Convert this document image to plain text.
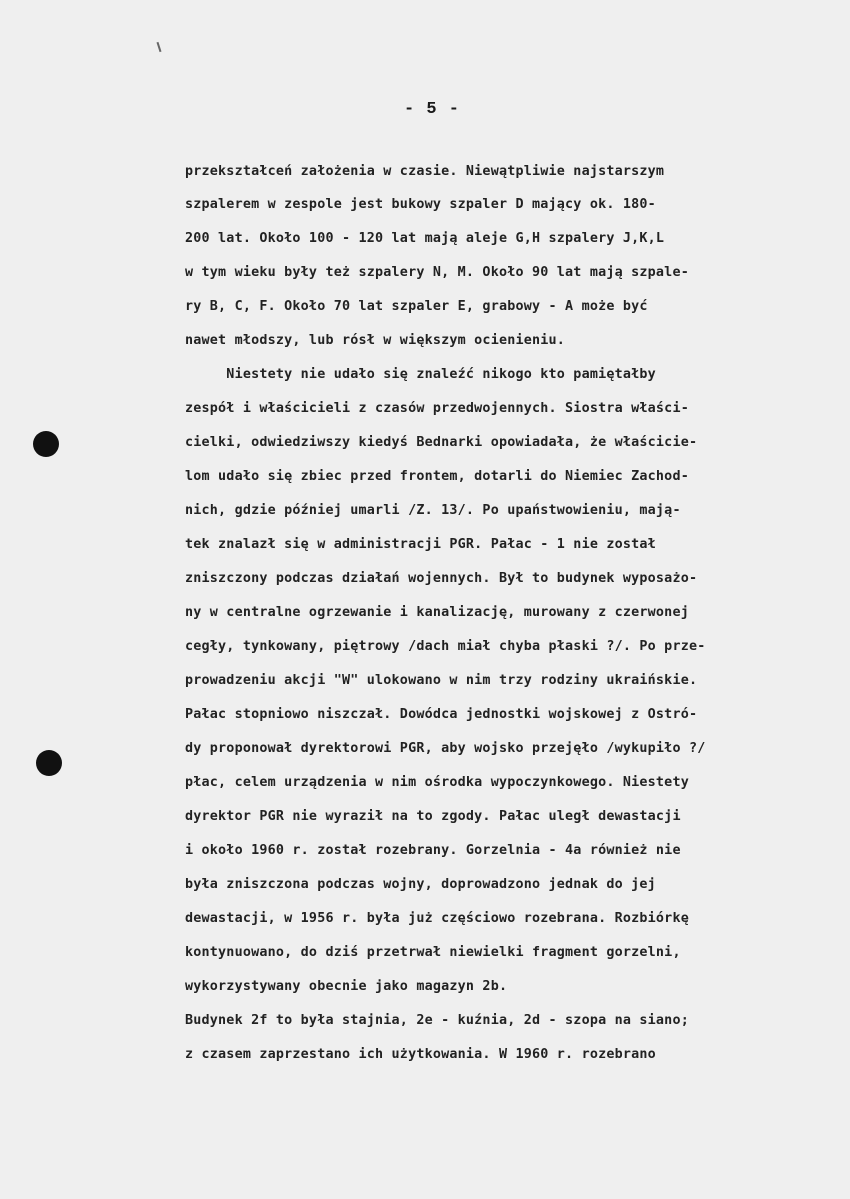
- 5 -
przekształceń założenia w czasie. Niewątpliwie najstarszym
szpalerem w zespole jest bukowy szpaler D mający ok. 180-
200 lat. Około 100 - 120 lat mają aleje G,H szpalery J,K,L
w tym wieku były też szpalery N, M. Około 90 lat mają szpale-
ry B, C, F. Około 70 lat szpaler E, grabowy - A może być
nawet młodszy, lub rósł w większym ocienieniu.
Niestety nie udało się znaleźć nikogo kto pamiętałby
zespół i właścicieli z czasów przedwojennych. Siostra właści-
cielki, odwiedziwszy kiedyś Bednarki opowiadała, że właściciе-
lom udało się zbiec przed frontem, dotarli do Niemiec Zachod-
nich, gdzie później umarli /Z. 13/. Po upaństwowieniu, mają-
tek znalazł się w administracji PGR. Pałac - 1 nie został
zniszczony podczas działań wojennych. Był to budynek wyposażo-
ny w centralne ogrzewanie i kanalizację, murowany z czerwonej
cegły, tynkowany, piętrowy /dach miał chyba płaski ?/. Po prze-
prowadzeniu akcji "W" ulokowano w nim trzy rodziny ukraińskie.
Pałac stopniowo niszczał. Dowódca jednostki wojskowej z Ostró-
dy proponował dyrektorowi PGR, aby wojsko przejęło /wykupiło ?/
płac, celem urządzenia w nim ośrodka wypoczynkowego. Niestety
dyrektor PGR nie wyraził na to zgody. Pałac uległ dewastacji
i około 1960 r. został rozebrany. Gorzelnia - 4a również nie
była zniszczona podczas wojny, doprowadzono jednak do jej
dewastacji, w 1956 r. była już częściowo rozebrana. Rozbiórkę
kontynuowano, do dziś przetrwał niewielki fragment gorzelni,
wykorzystywany obecnie jako magazyn 2b.
Budynek 2f to była stajnia, 2e - kuźnia, 2d - szopa na siano;
z czasem zaprzestano ich użytkowania. W 1960 r. rozebrano
